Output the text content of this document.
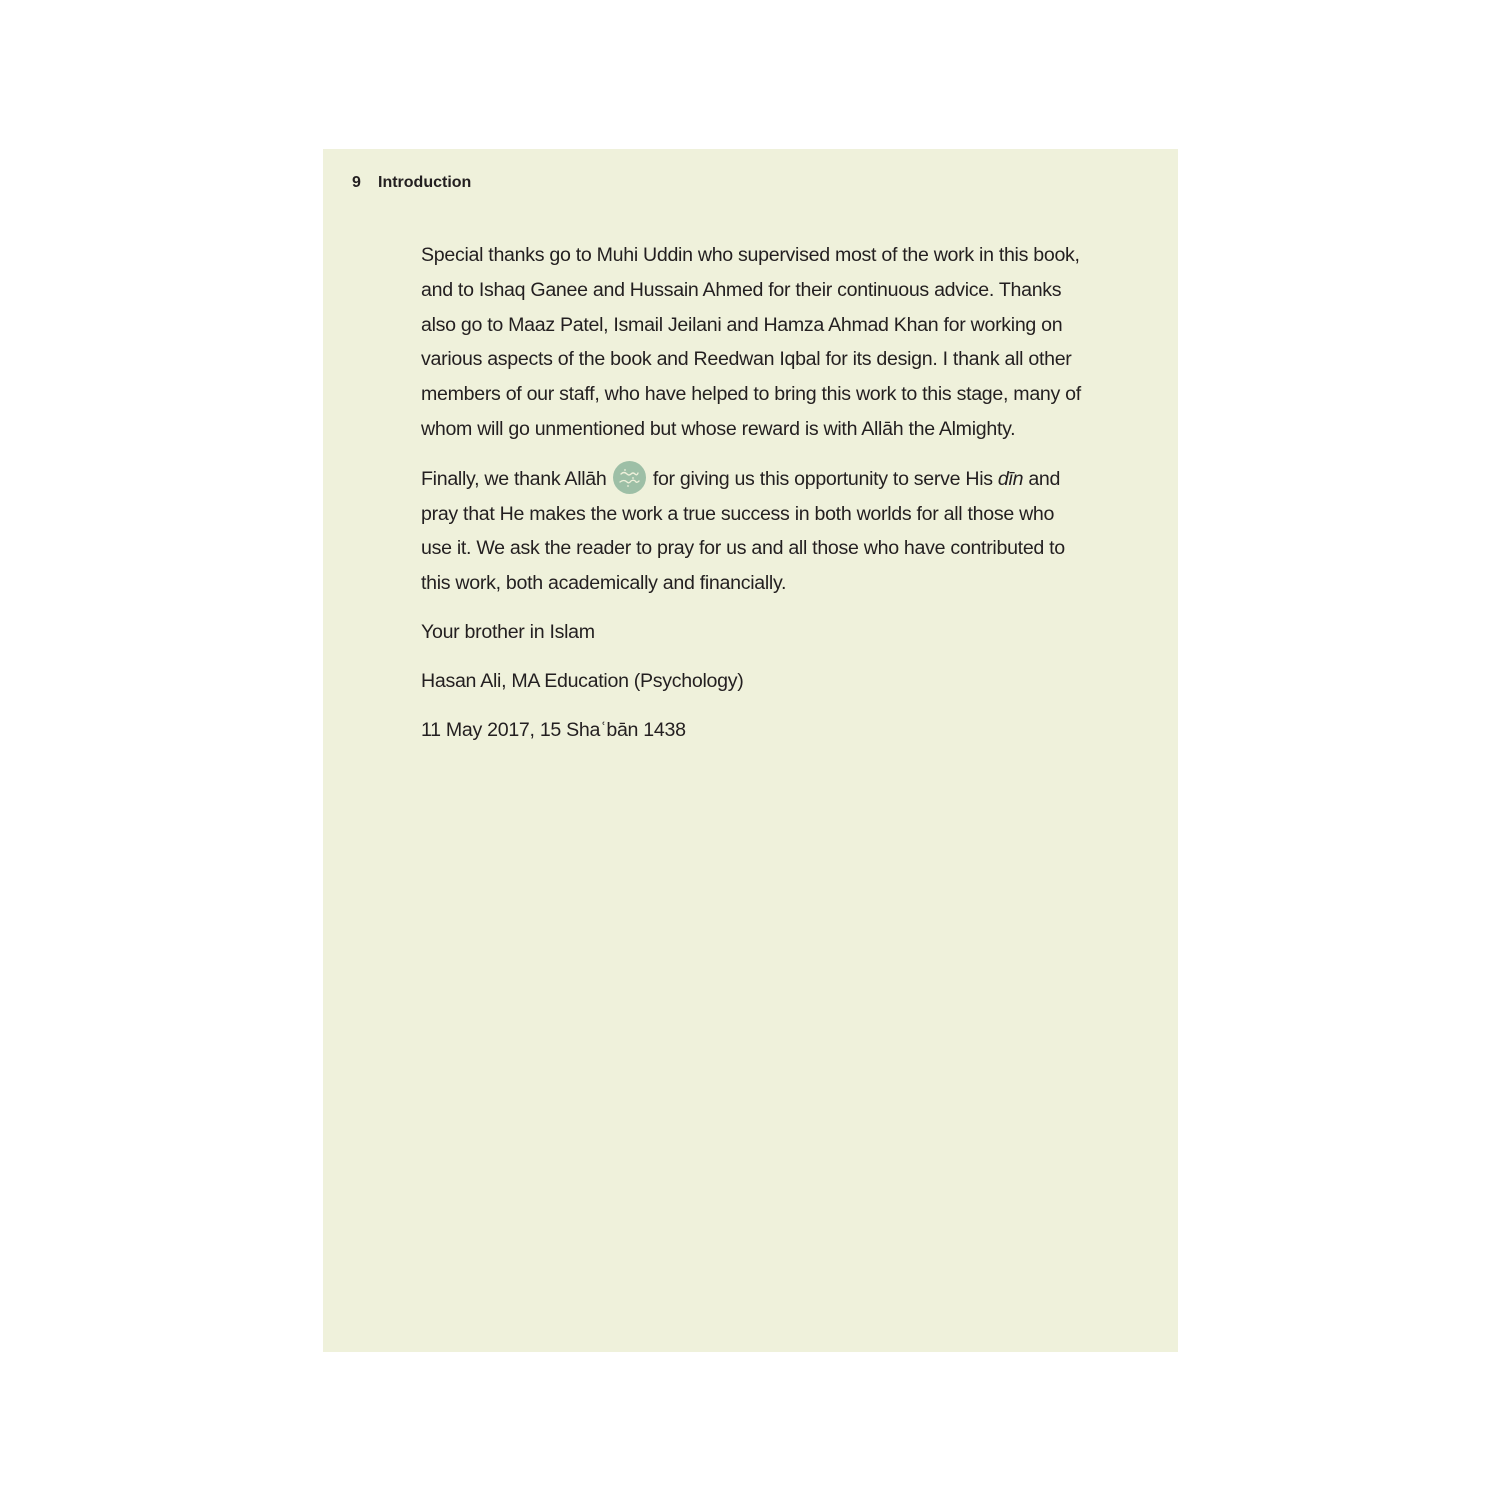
9 Introduction

Special thanks go to Muhi Uddin who supervised most of the work in this book, and to Ishaq Ganee and Hussain Ahmed for their continuous advice. Thanks also go to Maaz Patel, Ismail Jeilani and Hamza Ahmad Khan for working on various aspects of the book and Reedwan Iqbal for its design. I thank all other members of our staff, who have helped to bring this work to this stage, many of whom will go unmentioned but whose reward is with Allāh the Almighty.

Finally, we thank Allāh
for giving us this opportunity to serve His dīn and pray that He makes the work a true success in both worlds for all those who use it. We ask the reader to pray for us and all those who have contributed to this work, both academically and financially.

Your brother in Islam

Hasan Ali, MA Education (Psychology)

11 May 2017, 15 Shaʿbān 1438
